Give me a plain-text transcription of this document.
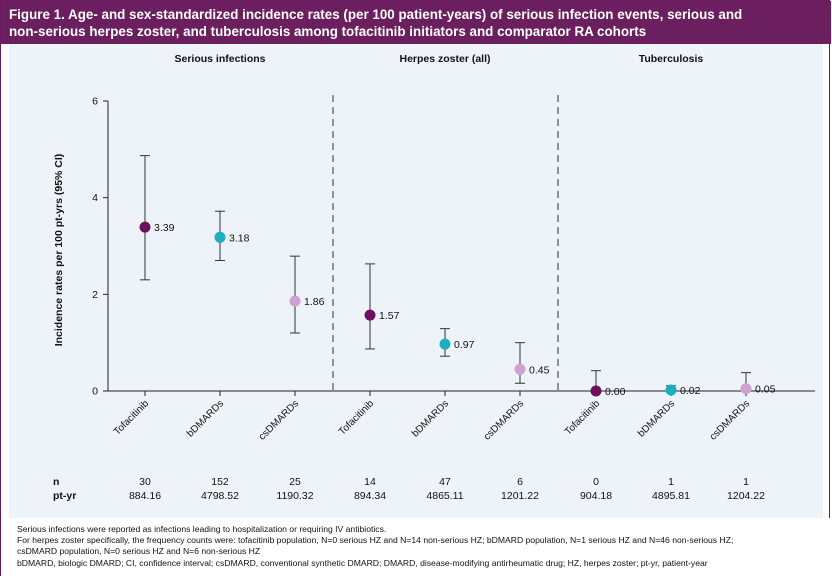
Figure 1. Age- and sex-standardized incidence rates (per 100 patient-years) of serious infection events, serious and
non-serious herpes zoster, and tuberculosis among tofacitinib initiators and comparator RA cohorts
0
2
4
6
Incidence rates per 100 pt-yrs (95% CI)
n
pt-yr
Serious infections
3.39
Tofacitinib
30
884.16
3.18
bDMARDs
152
4798.52
1.86
csDMARDs
25
1190.32
Herpes zoster (all)
1.57
Tofacitinib
14
894.34
0.97
bDMARDs
47
4865.11
0.45
csDMARDs
6
1201.22
Tuberculosis
0.00
Tofacitinib
0
904.18
0.02
bDMARDs
1
4895.81
0.05
csDMARDs
1
1204.22
Serious infections were reported as infections leading to hospitalization or requiring IV antibiotics.
For herpes zoster specifically, the frequency counts were: tofacitinib population, N=0 serious HZ and N=14 non-serious HZ; bDMARD population, N=1 serious HZ and N=46 non-serious HZ;
csDMARD population, N=0 serious HZ and N=6 non-serious HZ
bDMARD, biologic DMARD; CI, confidence interval; csDMARD, conventional synthetic DMARD; DMARD, disease-modifying antirheumatic drug; HZ, herpes zoster; pt-yr, patient-year
